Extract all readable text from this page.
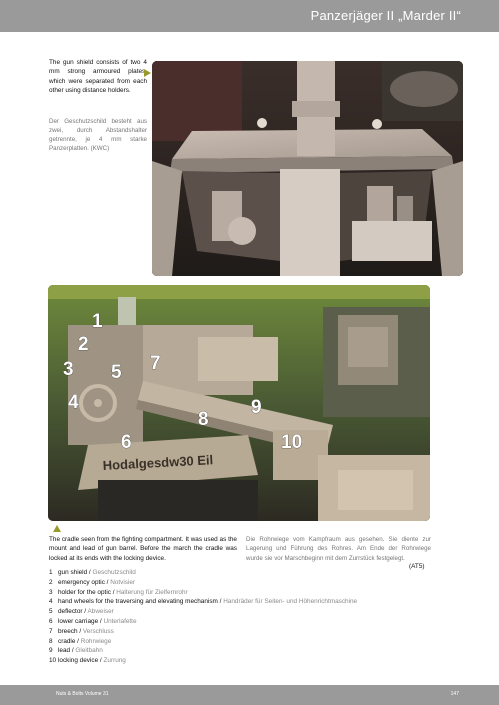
Panzerjäger II „Marder II“
The gun shield consists of two 4 mm strong armoured plates, which were separated from each other using distance holders.
Der Geschutzschild besteht aus zwei, durch Abstandshalter getrennte, je 4 mm starke Panzerplatten. (KWC)
Hodalgesdw30 Eil
1
2
3
4
5
6
7
8
9
10
The cradle seen from the fighting compartment. It was used as the mount and lead of gun barrel. Before the march the cradle was locked at its ends with the locking device.
Die Rohrwiege vom Kampfraum aus gesehen. Sie diente zur Lagerung und Führung des Rohres. Am Ende der Rohrwiege wurde sie vor Marschbeginn mit dem Zurrstück festgelegt.
(AT5)
1 gun shield / Geschutzschild
2 emergency optic / Notvisier
3 holder for the optic / Halterung für Zielfernrohr
4 hand wheels for the traversing and elevating mechanism / Handräder für Seiten- und Höhenrichtmaschine
5 deflector / Abweiser
6 lower carriage / Unterlafette
7 breech / Verschluss
8 cradle / Rohrwiege
9 lead / Gleitbahn
10 locking device / Zurrung
Nuts & Bolts Volume 31	147
